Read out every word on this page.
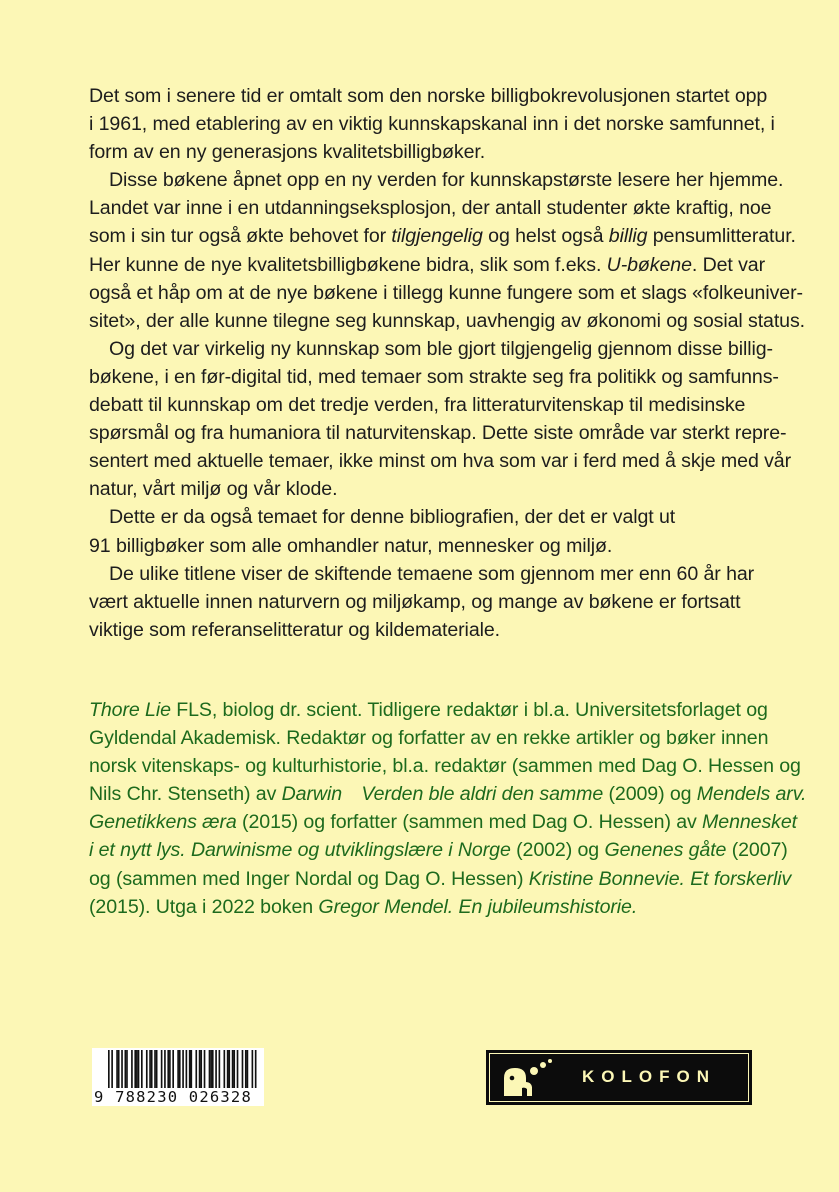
Det som i senere tid er omtalt som den norske billigbokrevolusjonen startet opp
i 1961, med etablering av en viktig kunnskapskanal inn i det norske samfunnet, i
form av en ny generasjons kvalitetsbilligbøker.

Disse bøkene åpnet opp en ny verden for kunnskapstørste lesere her hjemme.
Landet var inne i en utdanningseksplosjon, der antall studenter økte kraftig, noe
som i sin tur også økte behovet for tilgjengelig og helst også billig pensumlitteratur.
Her kunne de nye kvalitetsbilligbøkene bidra, slik som f.eks. U-bøkene. Det var
også et håp om at de nye bøkene i tillegg kunne fungere som et slags «folkeuniver-
sitet», der alle kunne tilegne seg kunnskap, uavhengig av økonomi og sosial status.

Og det var virkelig ny kunnskap som ble gjort tilgjengelig gjennom disse billig-
bøkene, i en før-digital tid, med temaer som strakte seg fra politikk og samfunns-
debatt til kunnskap om det tredje verden, fra litteraturvitenskap til medisinske
spørsmål og fra humaniora til naturvitenskap. Dette siste område var sterkt repre-
sentert med aktuelle temaer, ikke minst om hva som var i ferd med å skje med vår
natur, vårt miljø og vår klode.

Dette er da også temaet for denne bibliografien, der det er valgt ut
91 billigbøker som alle omhandler natur, mennesker og miljø.

De ulike titlene viser de skiftende temaene som gjennom mer enn 60 år har
vært aktuelle innen naturvern og miljøkamp, og mange av bøkene er fortsatt
viktige som referanselitteratur og kildemateriale.

Thore Lie FLS, biolog dr. scient. Tidligere redaktør i bl.a. Universitetsforlaget og
Gyldendal Akademisk. Redaktør og forfatter av en rekke artikler og bøker innen
norsk vitenskaps- og kulturhistorie, bl.a. redaktør (sammen med Dag O. Hessen og
Nils Chr. Stenseth) av Darwin  Verden ble aldri den samme (2009) og Mendels arv.
Genetikkens æra (2015) og forfatter (sammen med Dag O. Hessen) av Mennesket
i et nytt lys. Darwinisme og utviklingslære i Norge (2002) og Genenes gåte (2007)
og (sammen med Inger Nordal og Dag O. Hessen) Kristine Bonnevie. Et forskerliv
(2015). Utga i 2022 boken Gregor Mendel. En jubileumshistorie.

9 788230 026328
KOLOFON
